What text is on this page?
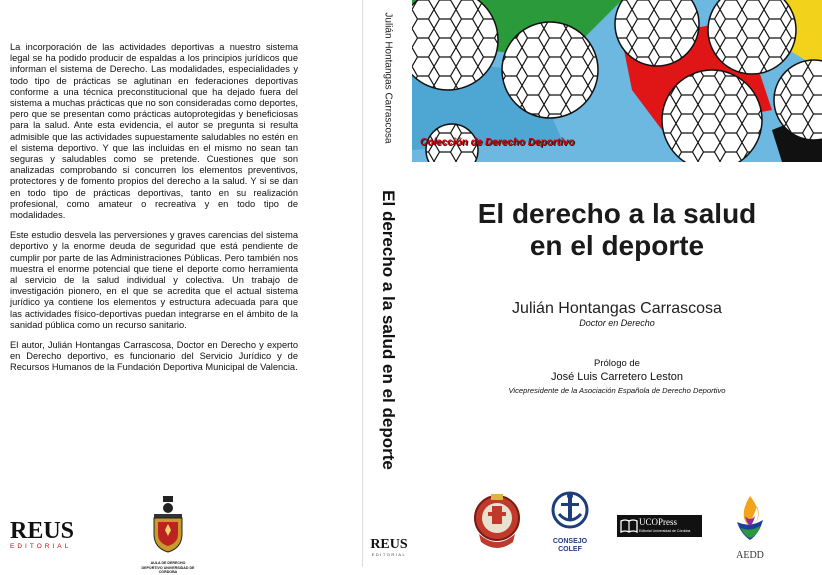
La incorporación de las actividades deportivas a nuestro sistema legal se ha podido producir de espaldas a los principios jurídicos que informan el sistema de Derecho. Las modalidades, especialidades y todo tipo de prácticas se aglutinan en federaciones deportivas conforme a una técnica preconstitucional que ha dejado fuera del sistema a muchas prácticas que no son consideradas como deportes, pero que se presentan como prácticas autoprotegidas y beneficiosas para la salud. Ante esta evidencia, el autor se pregunta si resulta admisible que las actividades supuestamente saludables no estén en el sistema deportivo. Y que las incluidas en el mismo no sean tan seguras y saludables como se pretende. Cuestiones que son analizadas comprobando si concurren los elementos preventivos, protectores y de fomento propios del derecho a la salud. Y si se dan en todo tipo de prácticas deportivas, tanto en su realización profesional, como amateur o recreativa y en todo tipo de modalidades.

Este estudio desvela las perversiones y graves carencias del sistema deportivo y la enorme deuda de seguridad que está pendiente de cumplir por parte de las Administraciones Públicas. Pero también nos muestra el enorme potencial que tiene el deporte como herramienta al servicio de la salud individual y colectiva. Un trabajo de investigación pionero, en el que se acredita que el actual sistema jurídico ya contiene los elementos y estructura adecuada para que las actividades físico-deportivas puedan integrarse en el ámbito de la sanidad pública como un recurso sanitario.

El autor, Julián Hontangas Carrascosa, Doctor en Derecho y experto en Derecho deportivo, es funcionario del Servicio Jurídico y de Recursos Humanos de la Fundación Deportiva Municipal de Valencia.

REUS
EDITORIAL
AULA DE DERECHO DEPORTIVO UNIVERSIDAD DE CÓRDOBA
Julián Hontangas Carrascosa
El derecho a la salud en el deporte
REUS
EDITORIAL
Colección de Derecho Deportivo
El derecho a la salud
en el deporte
Julián Hontangas Carrascosa
Doctor en Derecho
Prólogo de
José Luis Carretero Leston
Vicepresidente de la Asociación Española de Derecho Deportivo
CONSEJO COLEF
UCOPress
Editorial Universidad de Córdoba
AEDD
